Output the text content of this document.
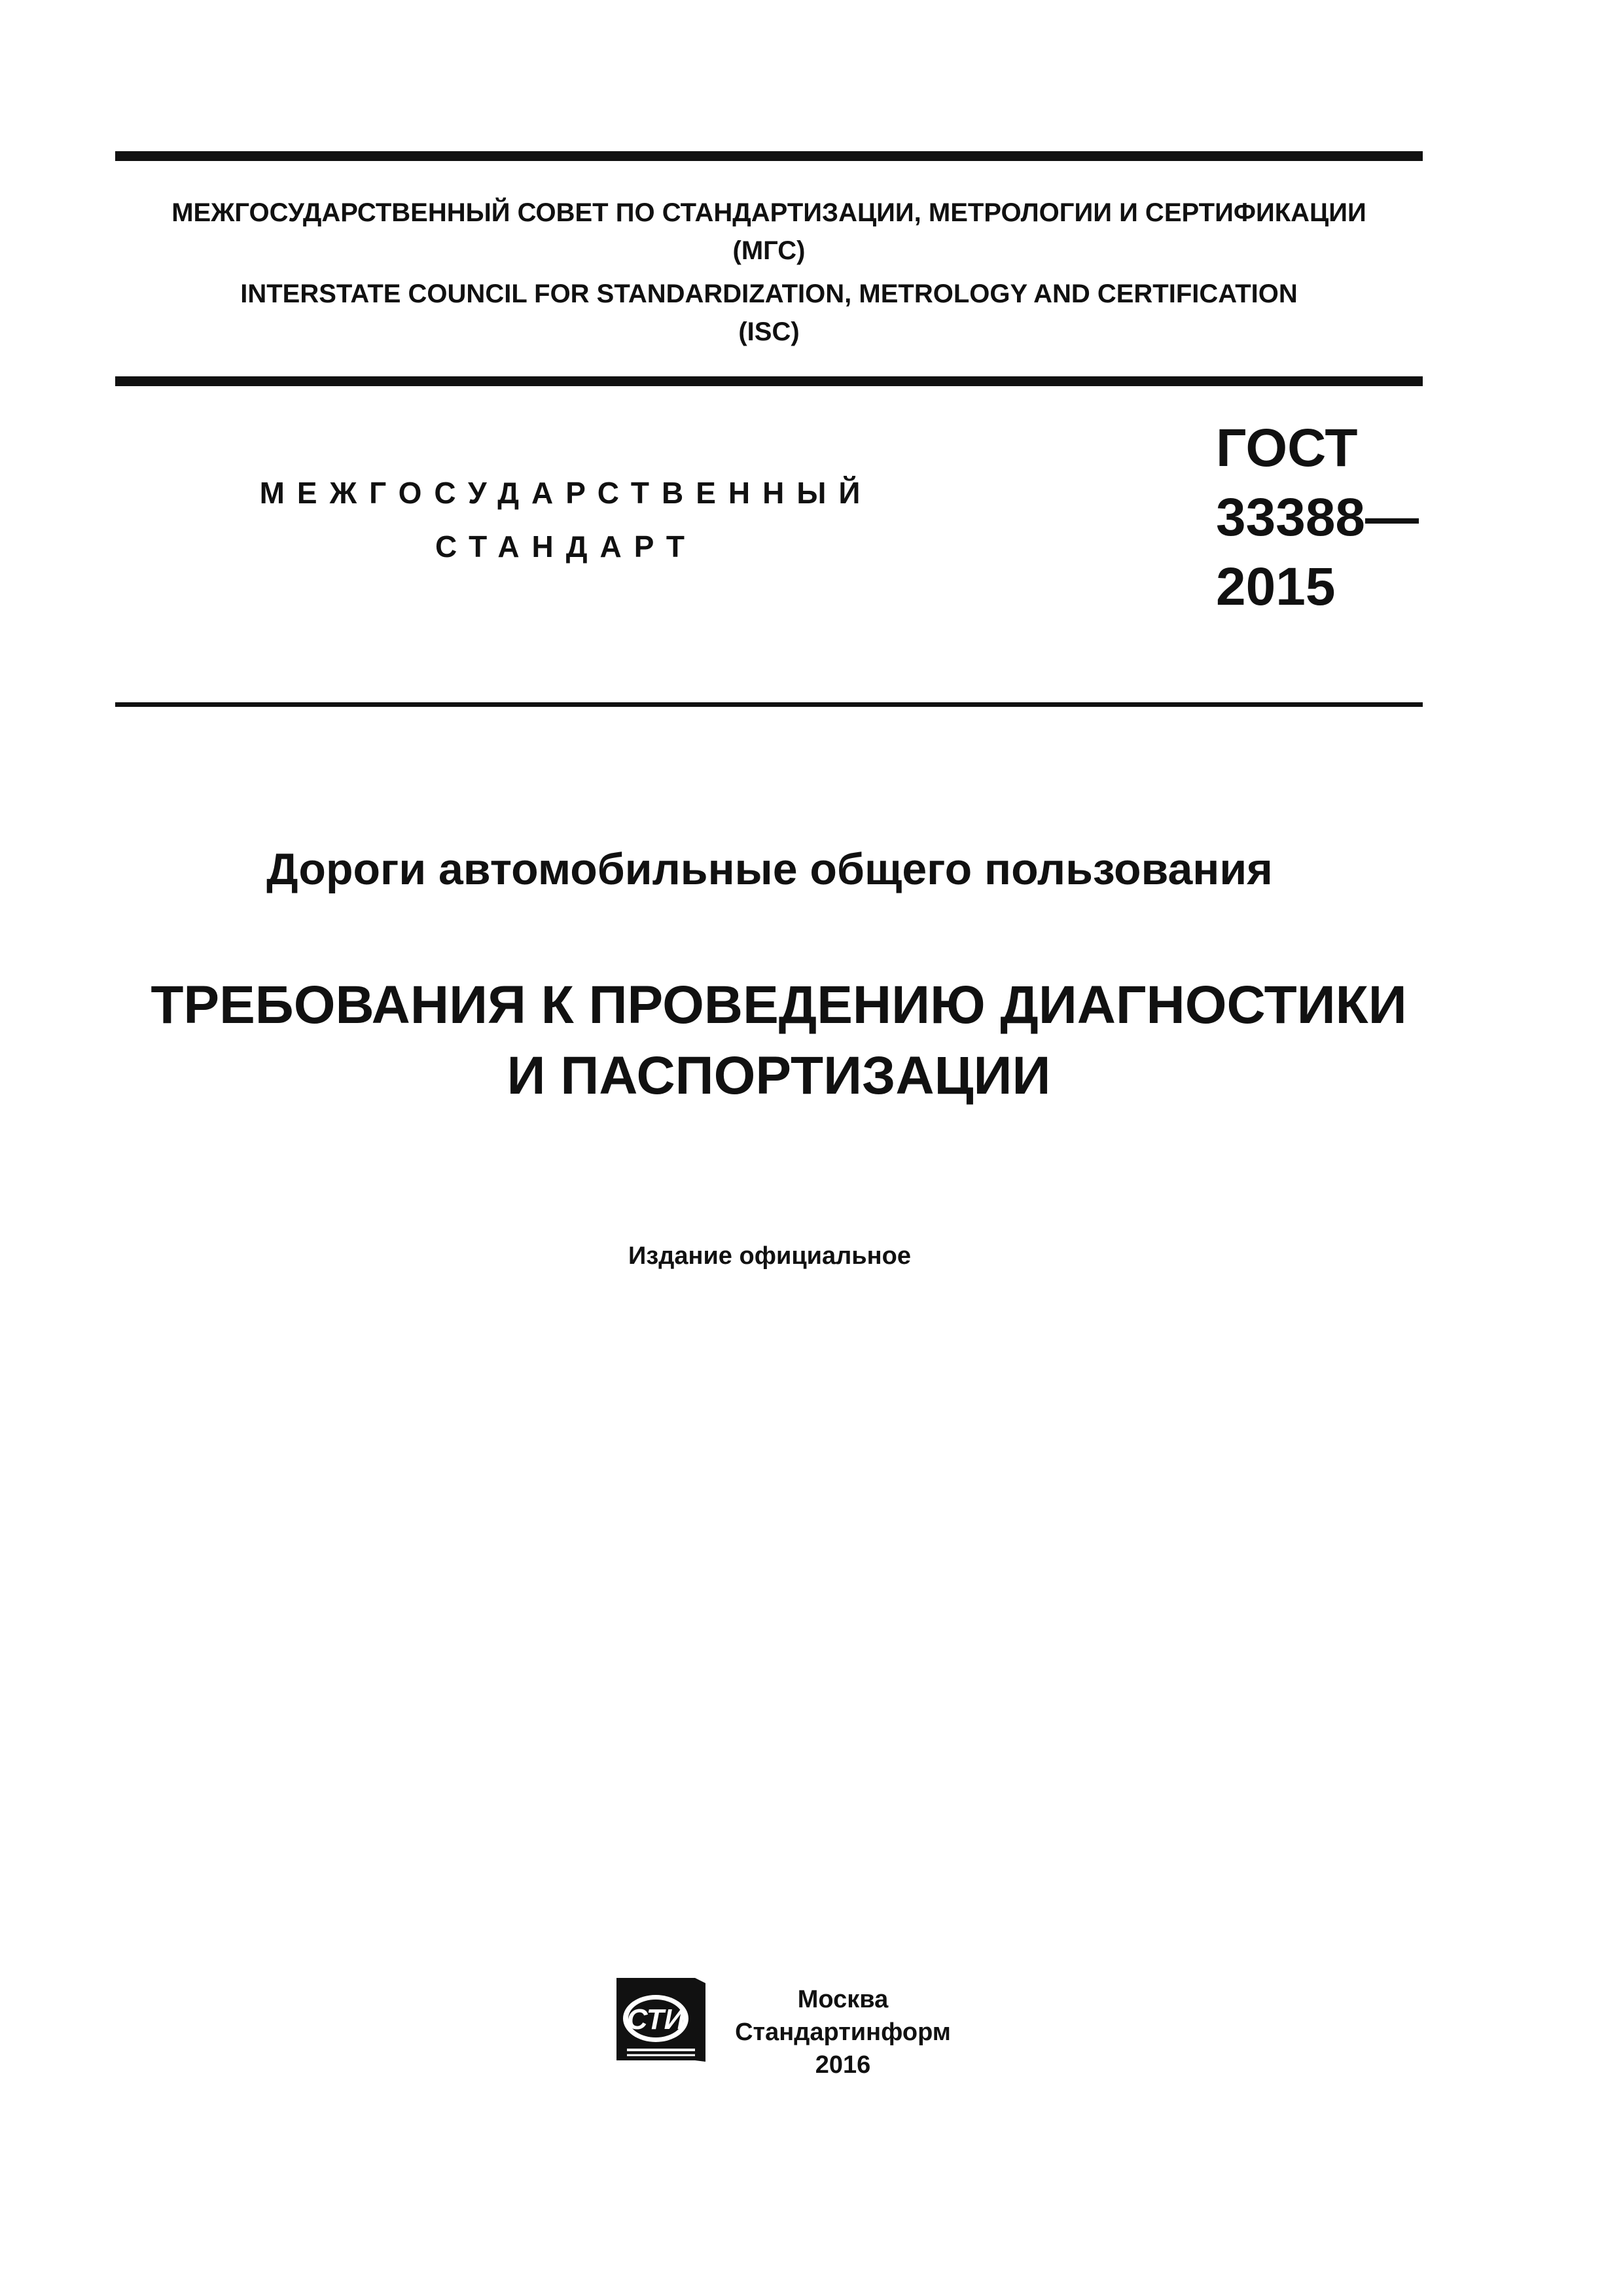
МЕЖГОСУДАРСТВЕННЫЙ СОВЕТ ПО СТАНДАРТИЗАЦИИ, МЕТРОЛОГИИ И СЕРТИФИКАЦИИ
(МГС)
INTERSTATE COUNCIL FOR STANDARDIZATION, METROLOGY AND CERTIFICATION
(ISC)
МЕЖГОСУДАРСТВЕННЫЙ
СТАНДАРТ
ГОСТ
33388—
2015
Дороги автомобильные общего пользования
ТРЕБОВАНИЯ К ПРОВЕДЕНИЮ ДИАГНОСТИКИ
И ПАСПОРТИЗАЦИИ
Издание официальное
СТИ
Москва
Стандартинформ
2016
